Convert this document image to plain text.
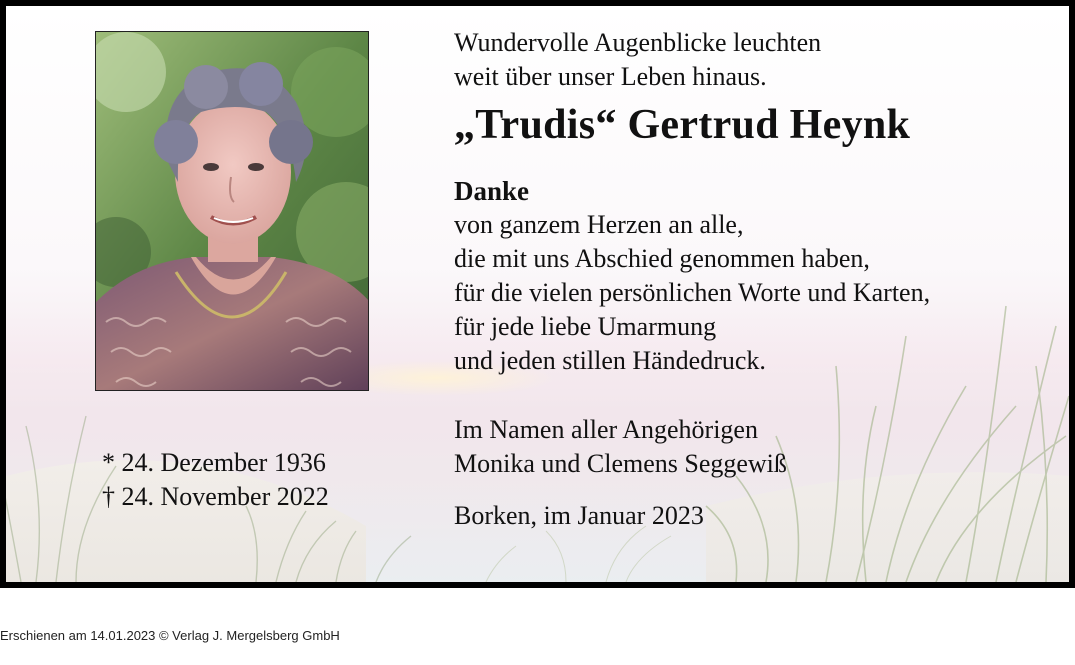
* 24. Dezember 1936
† 24. November 2022
Wundervolle Augenblicke leuchten
weit über unser Leben hinaus.
„Trudis“ Gertrud Heynk
Danke
von ganzem Herzen an alle,
die mit uns Abschied genommen haben,
für die vielen persönlichen Worte und Karten,
für jede liebe Umarmung
und jeden stillen Händedruck.
Im Namen aller Angehörigen
Monika und Clemens Seggewiß
Borken, im Januar 2023
Erschienen am 14.01.2023 © Verlag J. Mergelsberg GmbH
